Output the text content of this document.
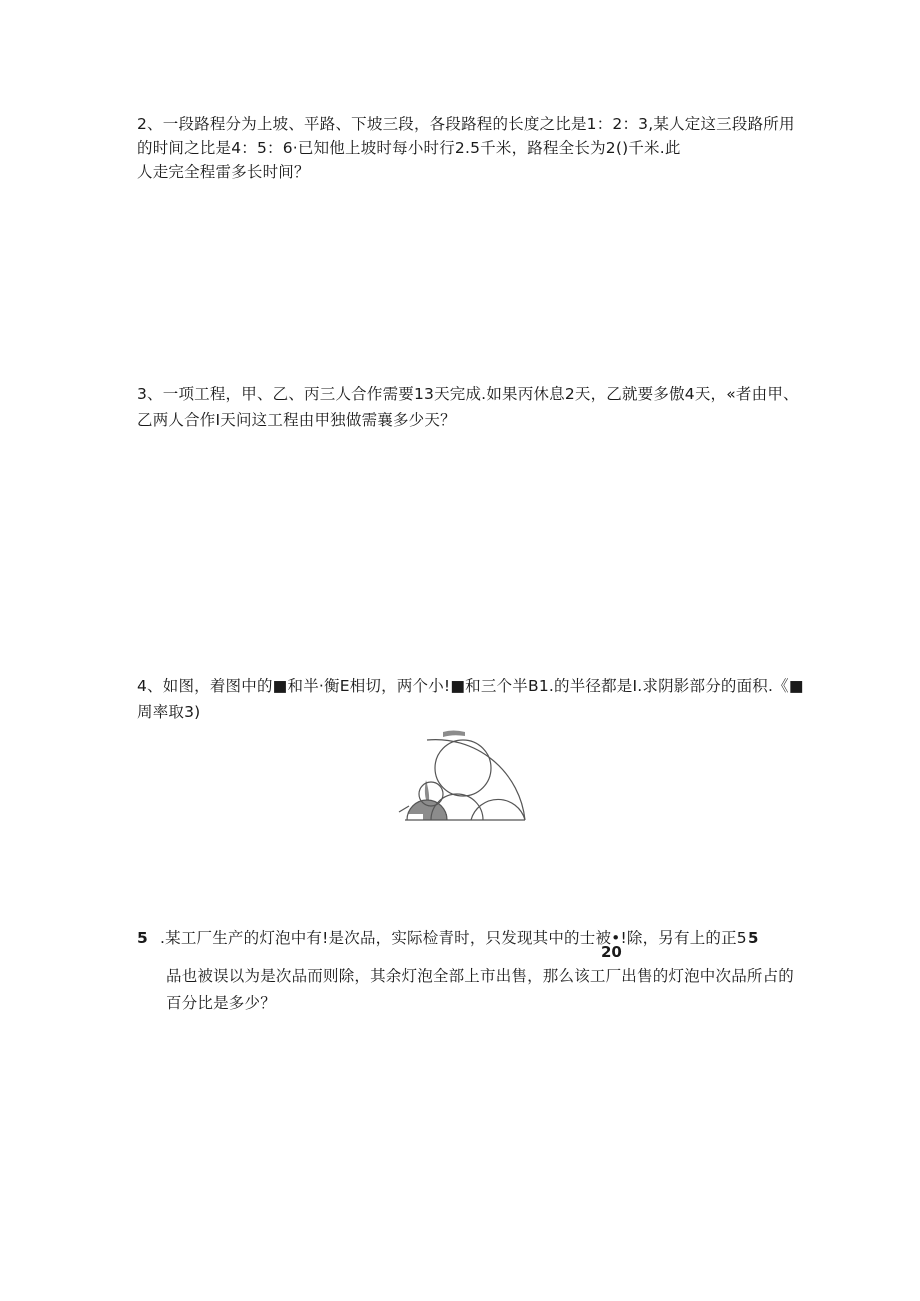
2、一段路程分为上坡、平路、下坡三段，各段路程的长度之比是1：2：3,某人定这三段路所用
的时间之比是4：5：6·已知他上坡时每小时行2.5千米，路程全长为2()千米.此
人走完全程雷多长时间？
3、一项工程，甲、乙、丙三人合作需要13天完成.如果丙休息2天，乙就要多傲4天，«者由甲、
乙两人合作I天问这工程由甲独做需襄多少天？
4、如图，着图中的■和半·衡E相切，两个小!■和三个半B1.的半径都是I.求阴影部分的面积.《■
周率取3)
5 .某工厂生产的灯泡中有!是次品，实际检青时，只发现其中的士被•!除，另有上的正5 5
20
品也被误以为是次品而则除，其余灯泡全部上市出售，那么该工厂出售的灯泡中次品所占的
百分比是多少？
